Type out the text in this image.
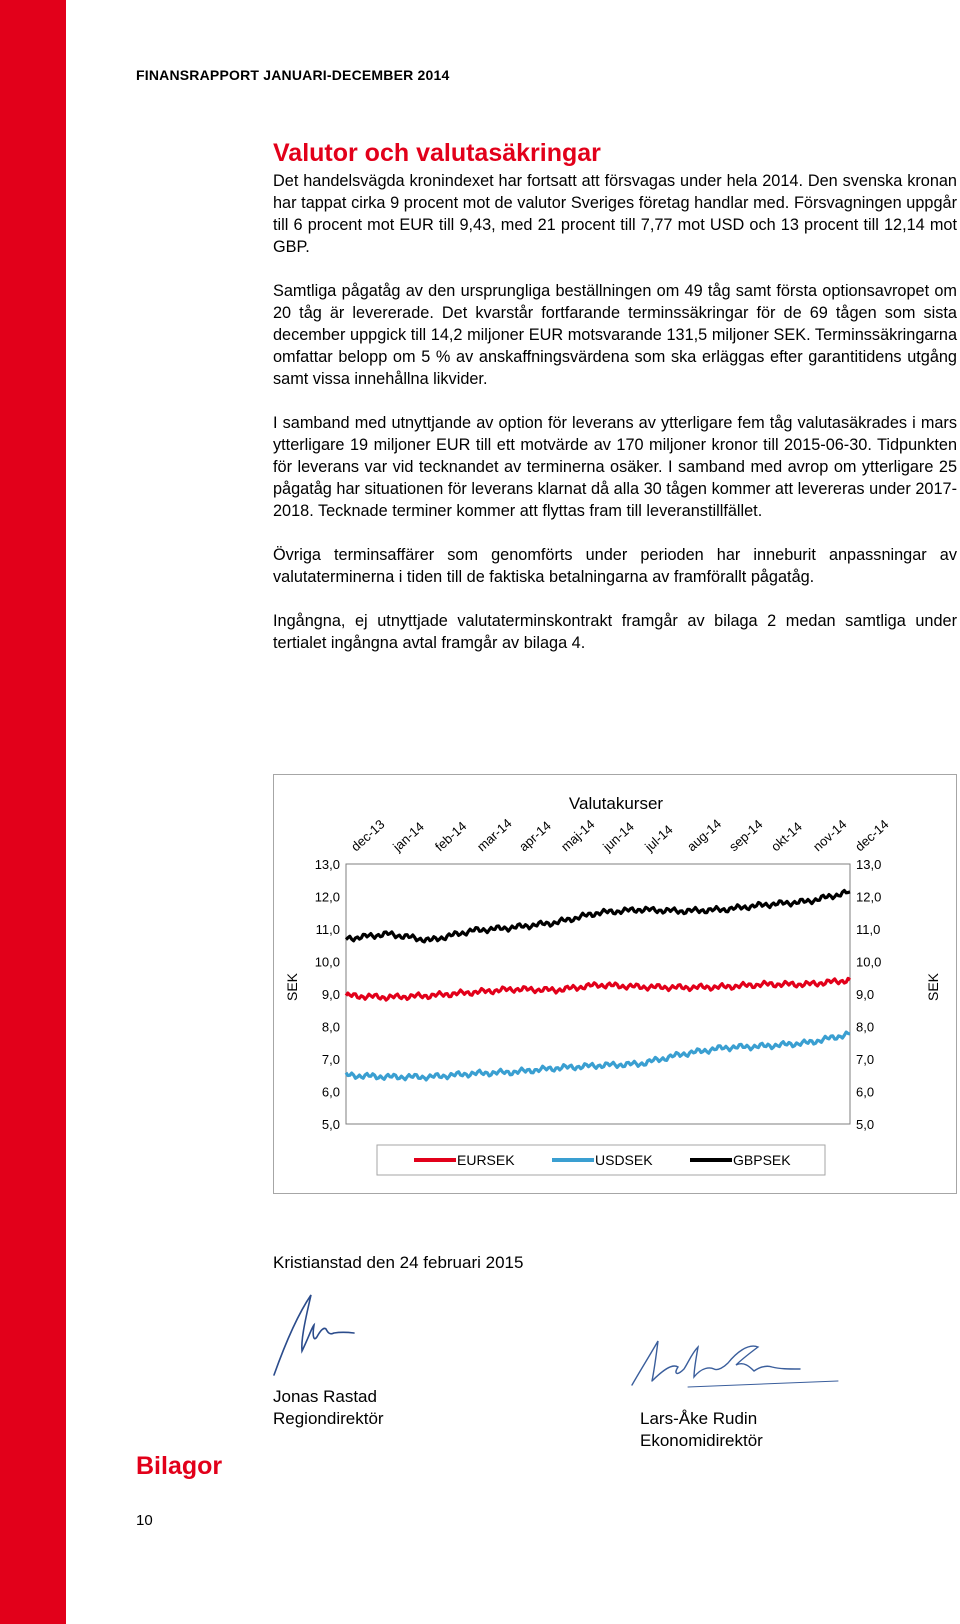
FINANSRAPPORT JANUARI-DECEMBER 2014
Valutor och valutasäkringar

Det handelsvägda kronindexet har fortsatt att försvagas under hela 2014. Den svenska kronan har tappat cirka 9 procent mot de valutor Sveriges företag handlar med. Försvagningen uppgår till 6 procent mot EUR till 9,43, med 21 procent till 7,77 mot USD och 13 procent till 12,14 mot GBP.

Samtliga pågatåg av den ursprungliga beställningen om 49 tåg samt första optionsavropet om 20 tåg är levererade. Det kvarstår fortfarande terminssäkringar för de 69 tågen som sista december uppgick till 14,2 miljoner EUR motsvarande 131,5 miljoner SEK. Terminssäkringarna omfattar belopp om 5 % av anskaffningsvärdena som ska erläggas efter garantitidens utgång samt vissa innehållna likvider.

I samband med utnyttjande av option för leverans av ytterligare fem tåg valutasäkrades i mars ytterligare 19 miljoner EUR till ett motvärde av 170 miljoner kronor till 2015-06-30. Tidpunkten för leverans var vid tecknandet av terminerna osäker. I samband med avrop om ytterligare 25 pågatåg har situationen för leverans klarnat då alla 30 tågen kommer att levereras under 2017-2018. Tecknade terminer kommer att flyttas fram till leveranstillfället.

Övriga terminsaffärer som genomförts under perioden har inneburit anpassningar av valutaterminerna i tiden till de faktiska betalningarna av framförallt pågatåg.

Ingångna, ej utnyttjade valutaterminskontrakt framgår av bilaga 2 medan samtliga under tertialet ingångna avtal framgår av bilaga 4.

Valutakurser
SEK	SEK
13,0	13,0
12,0	12,0
11,0	11,0
10,0	10,0
9,0	9,0
8,0	8,0
7,0	7,0
6,0	6,0
5,0	5,0
dec-13 jan-14 feb-14 mar-14 apr-14 maj-14 jun-14 jul-14 aug-14 sep-14 okt-14 nov-14 dec-14
EURSEK	USDSEK	GBPSEK
Kristianstad den 24 februari 2015
Jonas Rastad
Regiondirektör	Lars-Åke Rudin
Ekonomidirektör
Bilagor
10
